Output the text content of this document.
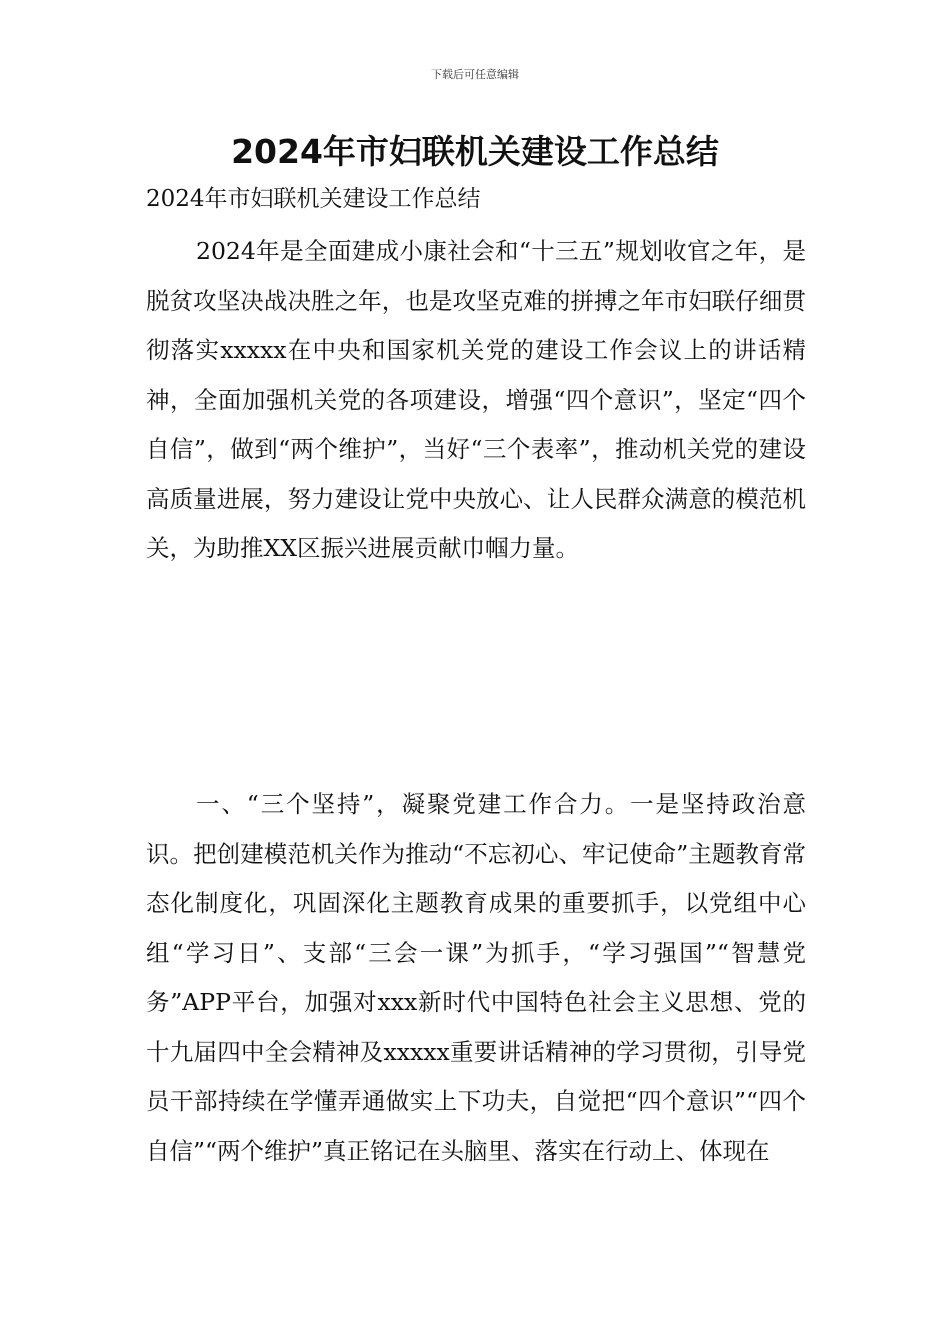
下载后可任意编辑
2024年市妇联机关建设工作总结

2024年市妇联机关建设工作总结

2024年是全面建成小康社会和“十三五”规划收官之年，是脱贫攻坚决战决胜之年，也是攻坚克难的拼搏之年市妇联仔细贯彻落实xxxxx在中央和国家机关党的建设工作会议上的讲话精神，全面加强机关党的各项建设，增强“四个意识”，坚定“四个自信”，做到“两个维护”，当好“三个表率”，推动机关党的建设高质量进展，努力建设让党中央放心、让人民群众满意的模范机关，为助推XX区振兴进展贡献巾帼力量。

一、“三个坚持”，凝聚党建工作合力。一是坚持政治意识。把创建模范机关作为推动“不忘初心、牢记使命”主题教育常态化制度化，巩固深化主题教育成果的重要抓手，以党组中心组“学习日”、支部“三会一课”为抓手，“学习强国”“智慧党务”APP平台，加强对xxx新时代中国特色社会主义思想、党的十九届四中全会精神及xxxxx重要讲话精神的学习贯彻，引导党员干部持续在学懂弄通做实上下功夫，自觉把“四个意识”“四个自信”“两个维护”真正铭记在头脑里、落实在行动上、体现在
